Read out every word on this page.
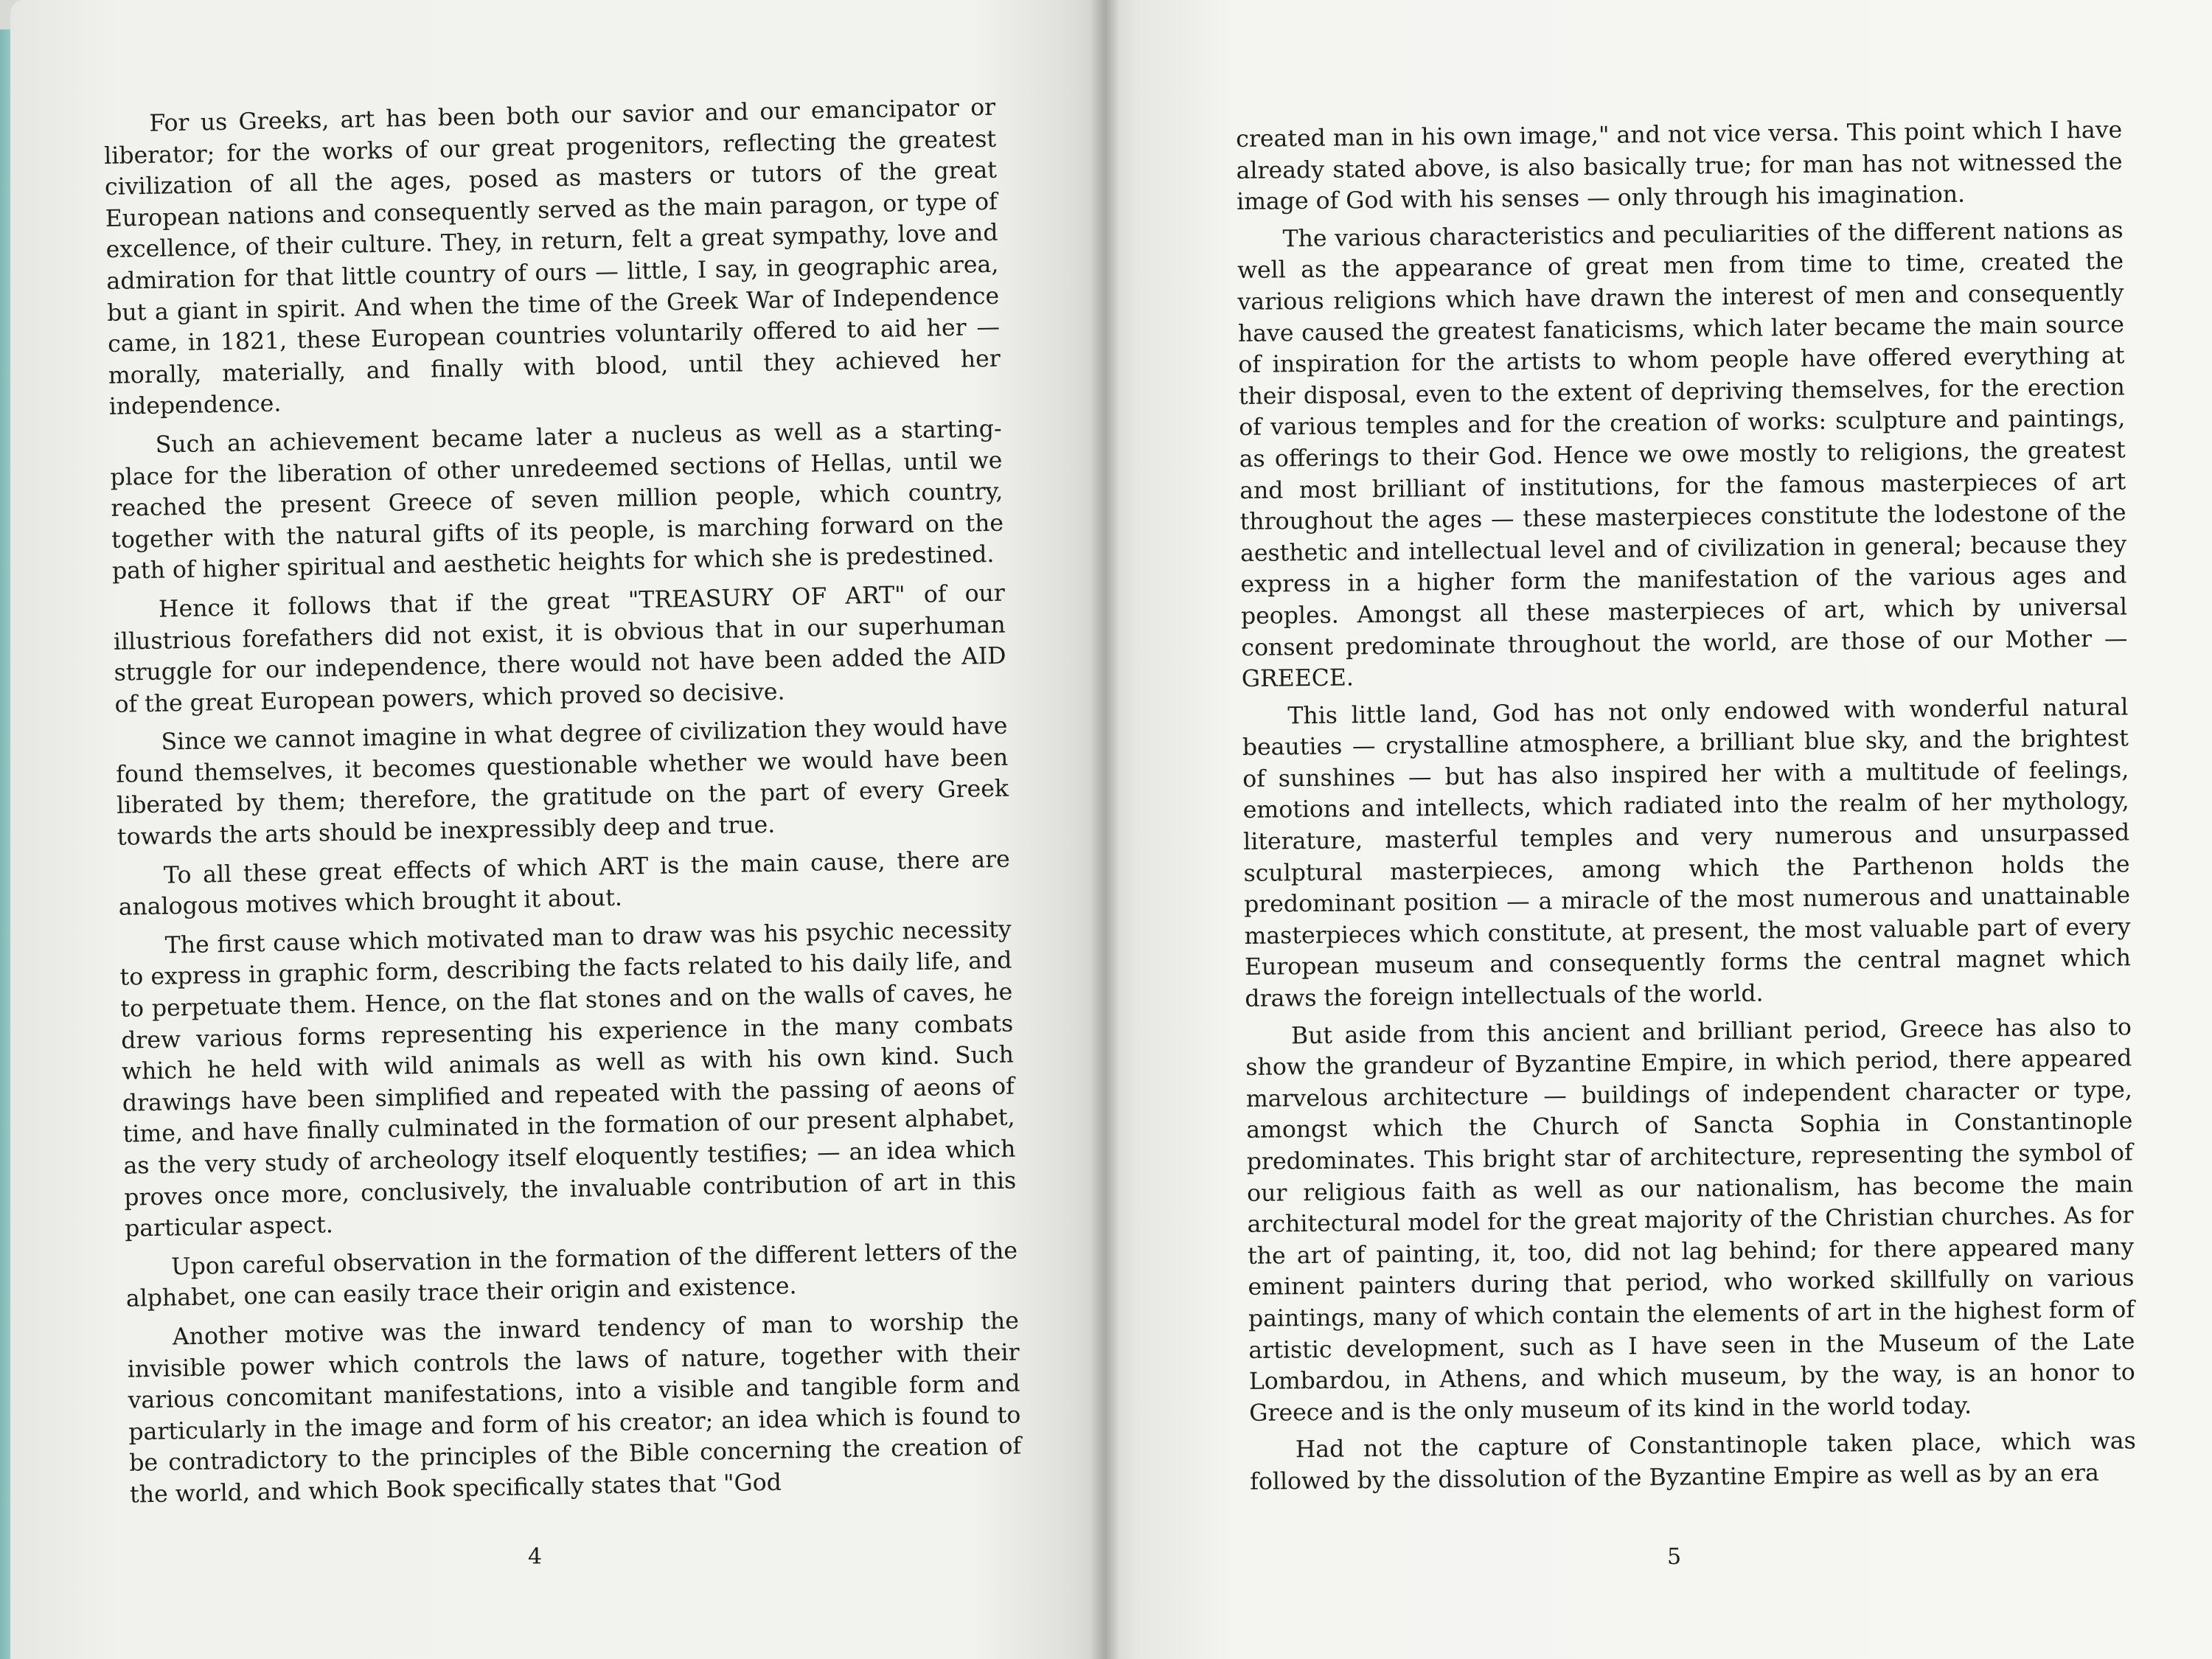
For us Greeks, art has been both our savior and our emancipator or liberator; for the works of our great progenitors, reflecting the greatest civilization of all the ages, posed as masters or tutors of the great European nations and consequently served as the main paragon, or type of excellence, of their culture. They, in return, felt a great sympathy, love and admiration for that little country of ours — little, I say, in geographic area, but a giant in spirit. And when the time of the Greek War of Independence came, in 1821, these European countries voluntarily offered to aid her — morally, materially, and finally with blood, until they achieved her independence.

Such an achievement became later a nucleus as well as a starting-place for the liberation of other unredeemed sections of Hellas, until we reached the present Greece of seven million people, which country, together with the natural gifts of its people, is marching forward on the path of higher spiritual and aesthetic heights for which she is predestined.

Hence it follows that if the great "TREASURY OF ART" of our illustrious forefathers did not exist, it is obvious that in our superhuman struggle for our independence, there would not have been added the AID of the great European powers, which proved so decisive.

Since we cannot imagine in what degree of civilization they would have found themselves, it becomes questionable whether we would have been liberated by them; therefore, the gratitude on the part of every Greek towards the arts should be inexpressibly deep and true.

To all these great effects of which ART is the main cause, there are analogous motives which brought it about.

The first cause which motivated man to draw was his psychic necessity to express in graphic form, describing the facts related to his daily life, and to perpetuate them. Hence, on the flat stones and on the walls of caves, he drew various forms representing his experience in the many combats which he held with wild animals as well as with his own kind. Such drawings have been simplified and repeated with the passing of aeons of time, and have finally culminated in the formation of our present alphabet, as the very study of archeology itself eloquently testifies; — an idea which proves once more, conclusively, the invaluable contribution of art in this particular aspect.

Upon careful observation in the formation of the different letters of the alphabet, one can easily trace their origin and existence.

Another motive was the inward tendency of man to worship the invisible power which controls the laws of nature, together with their various concomitant manifestations, into a visible and tangible form and particularly in the image and form of his creator; an idea which is found to be contradictory to the principles of the Bible concerning the creation of the world, and which Book specifically states that "God

created man in his own image," and not vice versa. This point which I have already stated above, is also basically true; for man has not witnessed the image of God with his senses — only through his imagination.

The various characteristics and peculiarities of the different nations as well as the appearance of great men from time to time, created the various religions which have drawn the interest of men and consequently have caused the greatest fanaticisms, which later became the main source of inspiration for the artists to whom people have offered everything at their disposal, even to the extent of depriving themselves, for the erection of various temples and for the creation of works: sculpture and paintings, as offerings to their God. Hence we owe mostly to religions, the greatest and most brilliant of institutions, for the famous masterpieces of art throughout the ages — these masterpieces constitute the lodestone of the aesthetic and intellectual level and of civilization in general; because they express in a higher form the manifestation of the various ages and peoples. Amongst all these masterpieces of art, which by universal consent predominate throughout the world, are those of our Mother — GREECE.

This little land, God has not only endowed with wonderful natural beauties — crystalline atmosphere, a brilliant blue sky, and the brightest of sunshines — but has also inspired her with a multitude of feelings, emotions and intellects, which radiated into the realm of her mythology, literature, masterful temples and very numerous and unsurpassed sculptural masterpieces, among which the Parthenon holds the predominant position — a miracle of the most numerous and unattainable masterpieces which constitute, at present, the most valuable part of every European museum and consequently forms the central magnet which draws the foreign intellectuals of the world.

But aside from this ancient and brilliant period, Greece has also to show the grandeur of Byzantine Empire, in which period, there appeared marvelous architecture — buildings of independent character or type, amongst which the Church of Sancta Sophia in Constantinople predominates. This bright star of architecture, representing the symbol of our religious faith as well as our nationalism, has become the main architectural model for the great majority of the Christian churches. As for the art of painting, it, too, did not lag behind; for there appeared many eminent painters during that period, who worked skillfully on various paintings, many of which contain the elements of art in the highest form of artistic development, such as I have seen in the Museum of the Late Lombardou, in Athens, and which museum, by the way, is an honor to Greece and is the only museum of its kind in the world today.

Had not the capture of Constantinople taken place, which was followed by the dissolution of the Byzantine Empire as well as by an era

4	5
